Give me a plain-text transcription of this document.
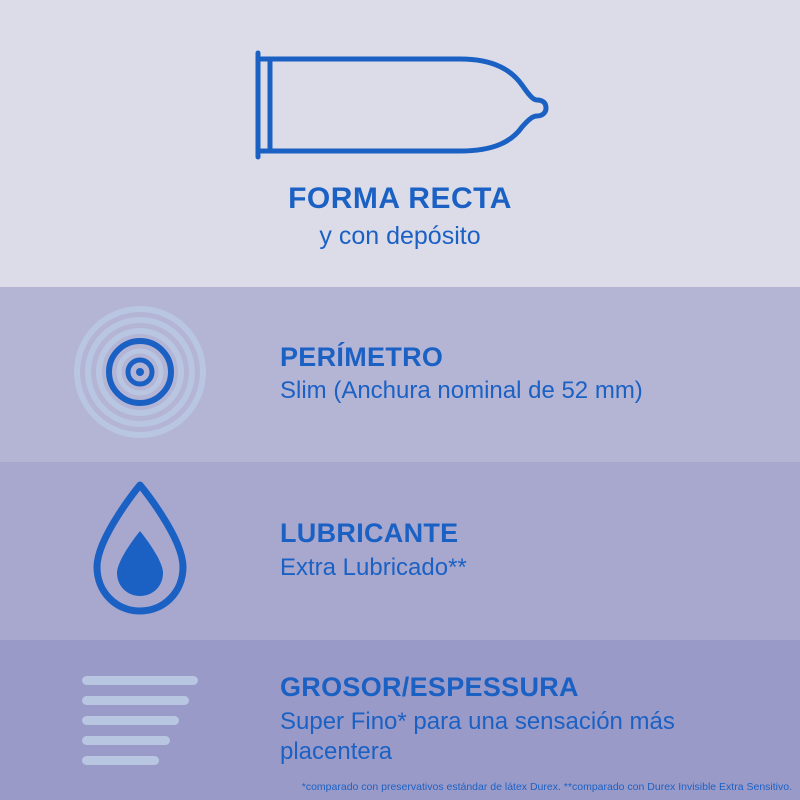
FORMA RECTA
y con depósito

PERÍMETRO

Slim (Anchura nominal de 52 mm)

LUBRICANTE

Extra Lubricado**

GROSOR/ESPESSURA

Super Fino* para una sensación más placentera

*comparado con preservativos estándar de látex Durex. **comparado con Durex Invisible Extra Sensitivo.
